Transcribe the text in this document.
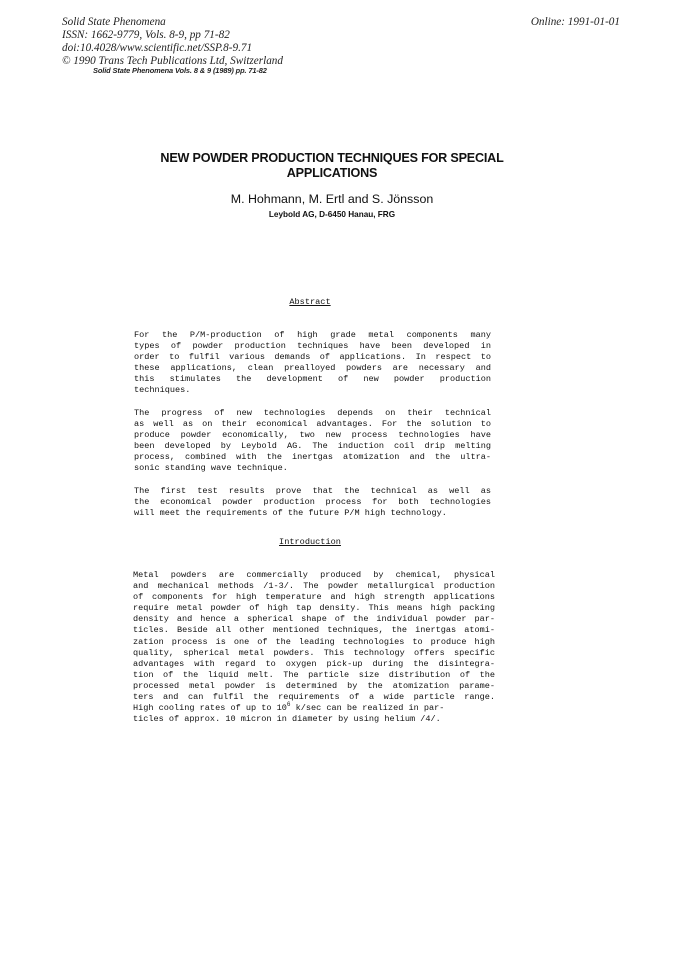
Solid State Phenomena
ISSN: 1662-9779, Vols. 8-9, pp 71-82
doi:10.4028/www.scientific.net/SSP.8-9.71
© 1990 Trans Tech Publications Ltd, Switzerland
Online: 1991-01-01
Solid State Phenomena Vols. 8 & 9 (1989) pp. 71-82
NEW POWDER PRODUCTION TECHNIQUES FOR SPECIAL
APPLICATIONS
M. Hohmann, M. Ertl and S. Jönsson
Leybold AG, D-6450 Hanau, FRG
Abstract
For the P/M-production of high grade metal components many
types of powder production techniques have been developed in
order to fulfil various demands of applications. In respect to
these applications, clean prealloyed powders are necessary and
this stimulates the development of new powder production
techniques.
The progress of new technologies depends on their technical
as well as on their economical advantages. For the solution to
produce powder economically, two new process technologies have
been developed by Leybold AG. The induction coil drip melting
process, combined with the inertgas atomization and the ultra-
sonic standing wave technique.
The first test results prove that the technical as well as
the economical powder production process for both technologies
will meet the requirements of the future P/M high technology.
Introduction
Metal powders are commercially produced by chemical, physical
and mechanical methods /1-3/. The powder metallurgical production
of components for high temperature and high strength applications
require metal powder of high tap density. This means high packing
density and hence a spherical shape of the individual powder par-
ticles. Beside all other mentioned techniques, the inertgas atomi-
zation process is one of the leading technologies to produce high
quality, spherical metal powders. This technology offers specific
advantages with regard to oxygen pick-up during the disintegra-
tion of the liquid melt. The particle size distribution of the
processed metal powder is determined by the atomization parame-
ters and can fulfil the requirements of a wide particle range.
High cooling rates of up to $10^6$ k/sec can be realized in par-
ticles of approx. 10 micron in diameter by using helium /4/.
